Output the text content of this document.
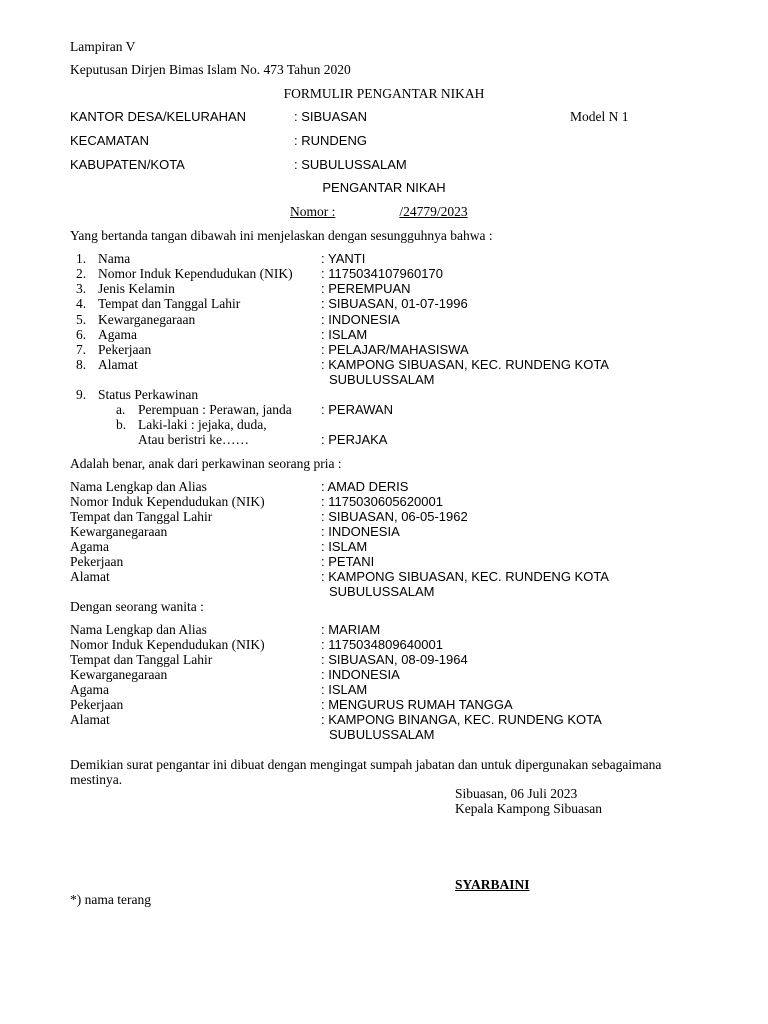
Lampiran V
Keputusan Dirjen Bimas Islam No. 473 Tahun 2020
FORMULIR PENGANTAR NIKAH
KANTOR DESA/KELURAHAN	: SIBUASAN	Model N 1
KECAMATAN	: RUNDENG
KABUPATEN/KOTA	: SUBULUSSALAM
PENGANTAR NIKAH
Nomor :	/24779/2023
Yang bertanda tangan dibawah ini menjelaskan dengan sesungguhnya bahwa :
1. Nama	: YANTI
2. Nomor Induk Kependudukan (NIK) : 1175034107960170
3. Jenis Kelamin	: PEREMPUAN
4. Tempat dan Tanggal Lahir	: SIBUASAN, 01-07-1996
5. Kewarganegaraan	: INDONESIA
6. Agama	: ISLAM
7. Pekerjaan	: PELAJAR/MAHASISWA
8. Alamat	: KAMPONG SIBUASAN, KEC. RUNDENG KOTA
SUBULUSSALAM
9. Status Perkawinan
a. Perempuan : Perawan, janda : PERAWAN
b. Laki-laki : jejaka, duda,
Atau beristri ke……	: PERJAKA
Adalah benar, anak dari perkawinan seorang pria :
Nama Lengkap dan Alias	: AMAD DERIS
Nomor Induk Kependudukan (NIK)	: 1175030605620001
Tempat dan Tanggal Lahir	: SIBUASAN, 06-05-1962
Kewarganegaraan	: INDONESIA
Agama	: ISLAM
Pekerjaan	: PETANI
Alamat	: KAMPONG SIBUASAN, KEC. RUNDENG KOTA
SUBULUSSALAM
Dengan seorang wanita :
Nama Lengkap dan Alias	: MARIAM
Nomor Induk Kependudukan (NIK)	: 1175034809640001
Tempat dan Tanggal Lahir	: SIBUASAN, 08-09-1964
Kewarganegaraan	: INDONESIA
Agama	: ISLAM
Pekerjaan	: MENGURUS RUMAH TANGGA
Alamat	: KAMPONG BINANGA, KEC. RUNDENG KOTA
SUBULUSSALAM
Demikian surat pengantar ini dibuat dengan mengingat sumpah jabatan dan untuk dipergunakan sebagaimana
mestinya.
Sibuasan, 06 Juli 2023
Kepala Kampong Sibuasan
SYARBAINI
*) nama terang
